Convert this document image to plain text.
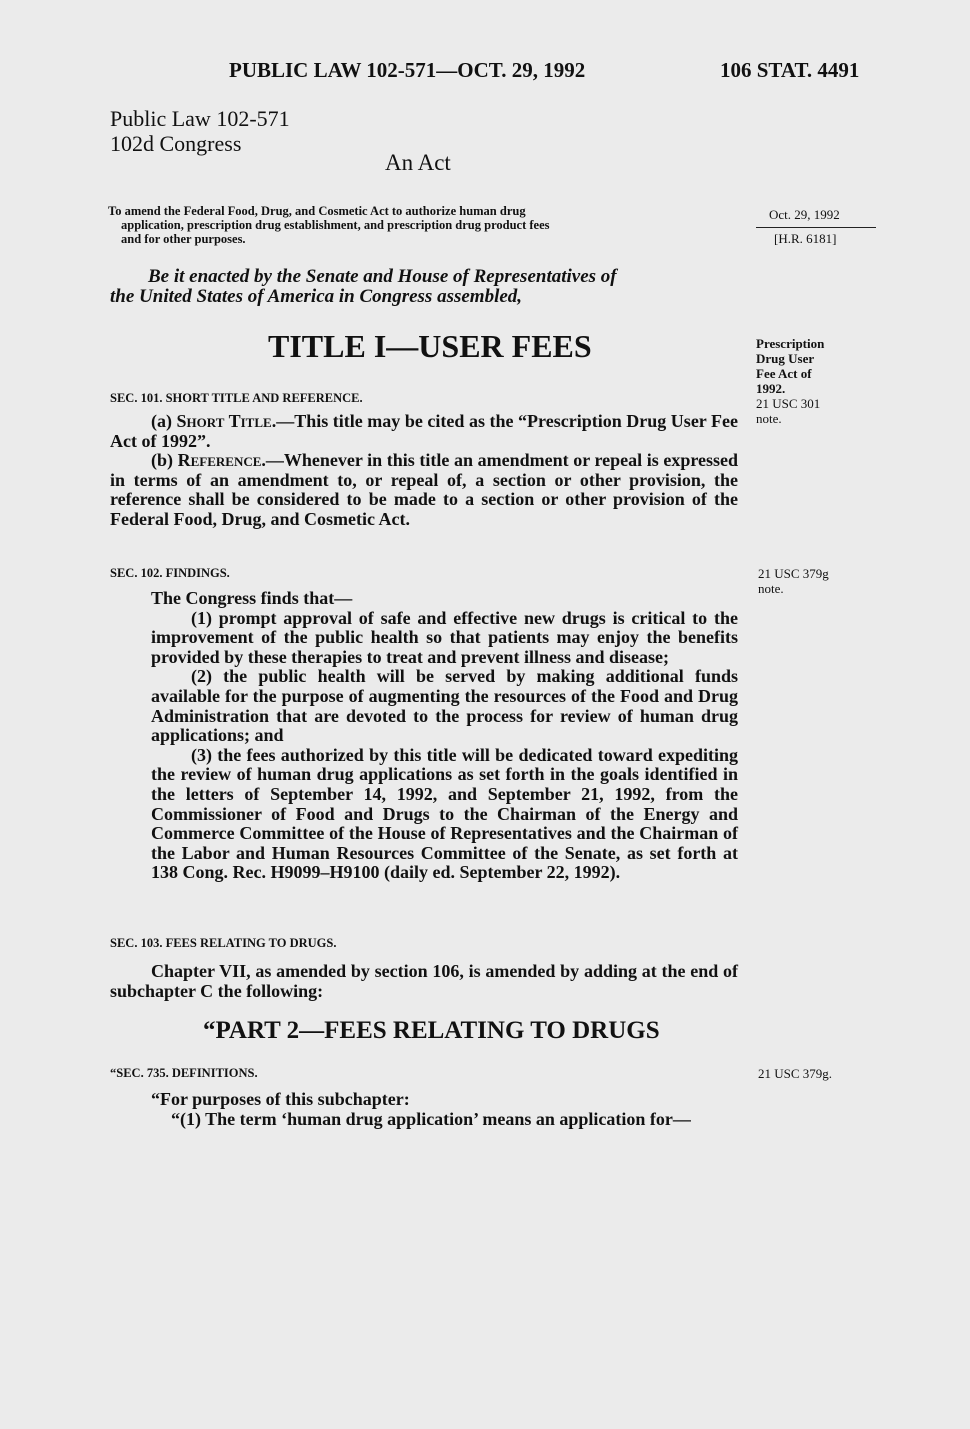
PUBLIC LAW 102-571—OCT. 29, 1992	106 STAT. 4491
Public Law 102-571
102d Congress
An Act
To amend the Federal Food, Drug, and Cosmetic Act to authorize human drug
application, prescription drug establishment, and prescription drug product fees
and for other purposes.
Oct. 29, 1992
[H.R. 6181]
Be it enacted by the Senate and House of Representatives of
the United States of America in Congress assembled,
TITLE I—USER FEES	Prescription
Drug User
Fee Act of
1992.
21 USC 301
note.
SEC. 101. SHORT TITLE AND REFERENCE.

(a) Short Title.—This title may be cited as the “Prescription Drug User Fee Act of 1992”.

(b) Reference.—Whenever in this title an amendment or repeal is expressed in terms of an amendment to, or repeal of, a section or other provision, the reference shall be considered to be made to a section or other provision of the Federal Food, Drug, and Cosmetic Act.

SEC. 102. FINDINGS.	21 USC 379g
note.

The Congress finds that—

(1) prompt approval of safe and effective new drugs is critical to the improvement of the public health so that patients may enjoy the benefits provided by these therapies to treat and prevent illness and disease;

(2) the public health will be served by making additional funds available for the purpose of augmenting the resources of the Food and Drug Administration that are devoted to the process for review of human drug applications; and

(3) the fees authorized by this title will be dedicated toward expediting the review of human drug applications as set forth in the goals identified in the letters of September 14, 1992, and September 21, 1992, from the Commissioner of Food and Drugs to the Chairman of the Energy and Commerce Committee of the House of Representatives and the Chairman of the Labor and Human Resources Committee of the Senate, as set forth at 138 Cong. Rec. H9099–H9100 (daily ed. September 22, 1992).

SEC. 103. FEES RELATING TO DRUGS.

Chapter VII, as amended by section 106, is amended by adding at the end of subchapter C the following:

“PART 2—FEES RELATING TO DRUGS
“SEC. 735. DEFINITIONS.	21 USC 379g.

“For purposes of this subchapter:

“(1) The term ‘human drug application’ means an application for—
